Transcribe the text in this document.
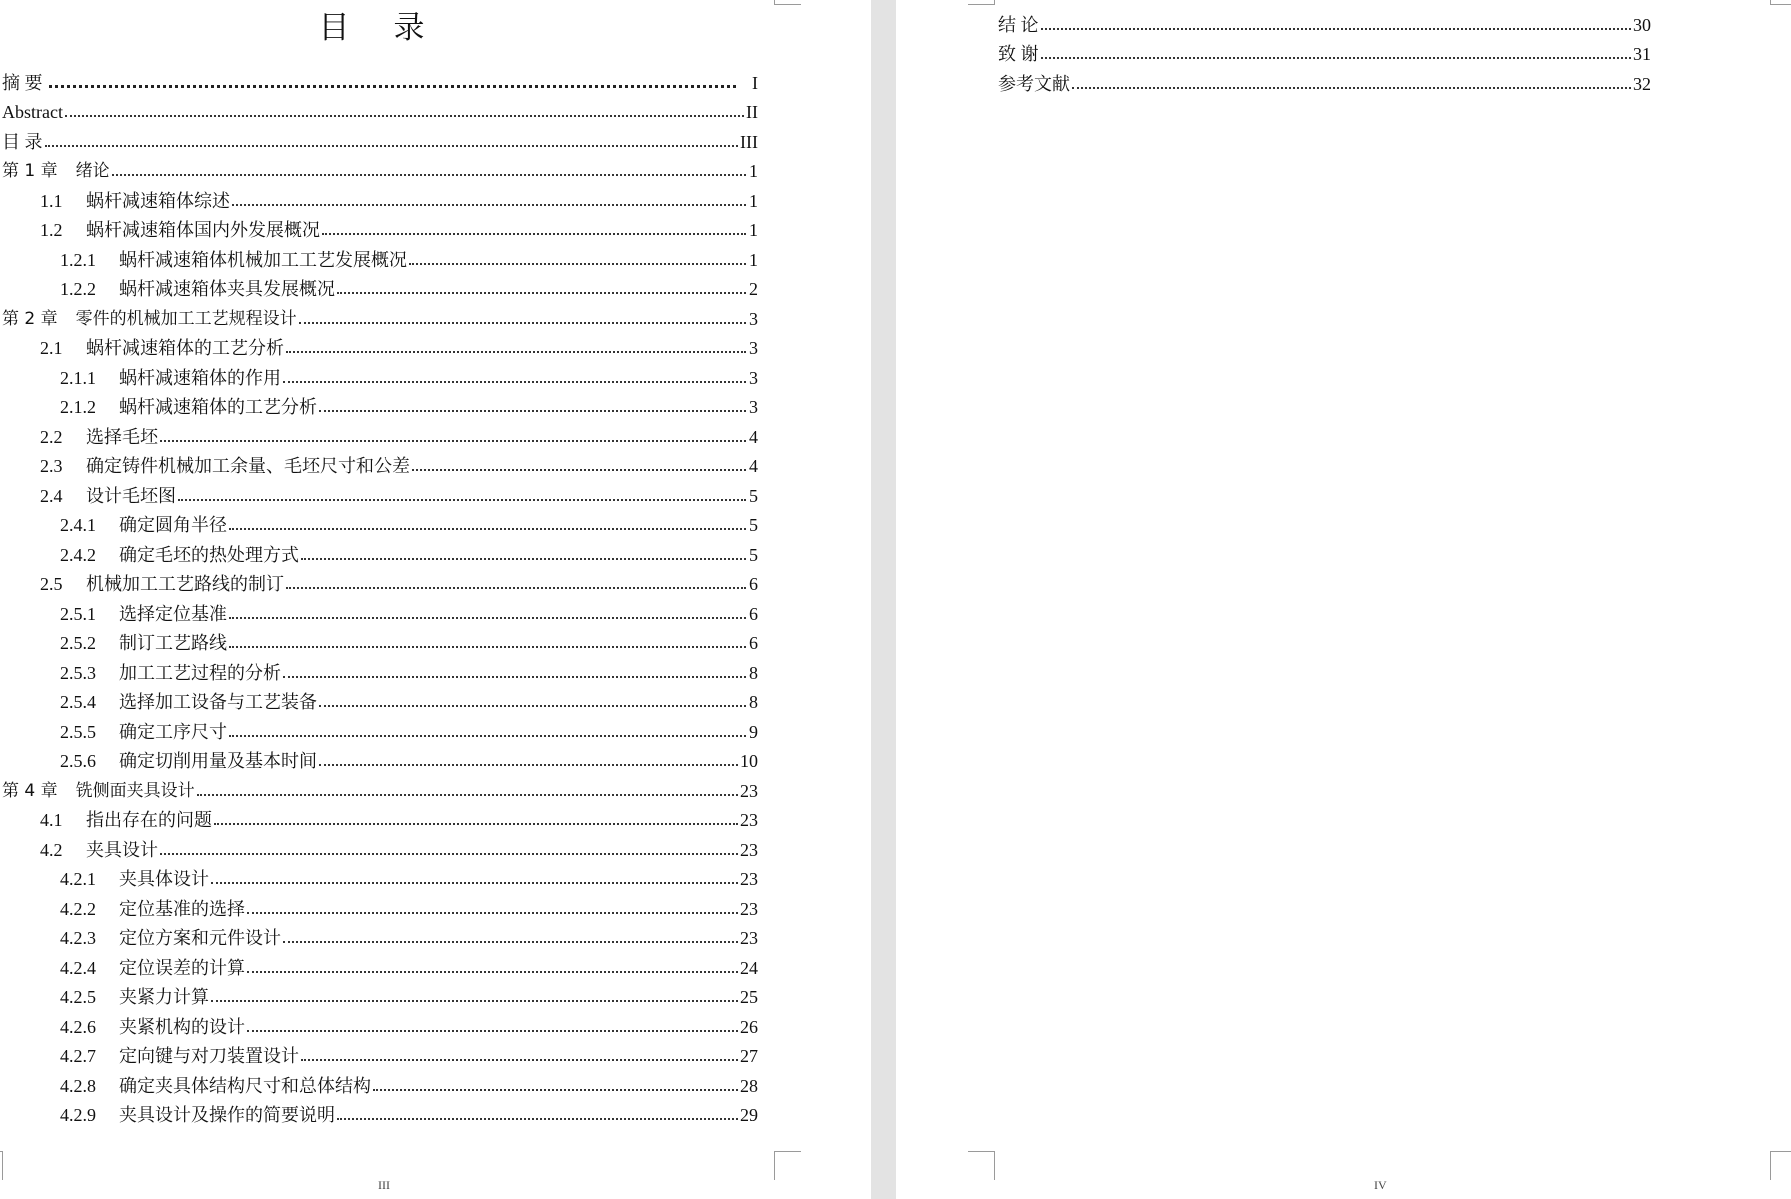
目 录
摘 要	I
Abstract	II
目 录	III
第 1 章 绪论	1
1.1	蜗杆减速箱体综述	1
1.2	蜗杆减速箱体国内外发展概况	1
1.2.1	蜗杆减速箱体机械加工工艺发展概况	1
1.2.2	蜗杆减速箱体夹具发展概况	2
第 2 章 零件的机械加工工艺规程设计	3
2.1	蜗杆减速箱体的工艺分析	3
2.1.1	蜗杆减速箱体的作用	3
2.1.2	蜗杆减速箱体的工艺分析	3
2.2	选择毛坯	4
2.3	确定铸件机械加工余量、毛坯尺寸和公差	4
2.4	设计毛坯图	5
2.4.1	确定圆角半径	5
2.4.2	确定毛坯的热处理方式	5
2.5	机械加工工艺路线的制订	6
2.5.1	选择定位基准	6
2.5.2	制订工艺路线	6
2.5.3	加工工艺过程的分析	8
2.5.4	选择加工设备与工艺装备	8
2.5.5	确定工序尺寸	9
2.5.6	确定切削用量及基本时间	10
第 4 章 铣侧面夹具设计	23
4.1	指出存在的问题	23
4.2	夹具设计	23
4.2.1	夹具体设计	23
4.2.2	定位基准的选择	23
4.2.3	定位方案和元件设计	23
4.2.4	定位误差的计算	24
4.2.5	夹紧力计算	25
4.2.6	夹紧机构的设计	26
4.2.7	定向键与对刀装置设计	27
4.2.8	确定夹具体结构尺寸和总体结构	28
4.2.9	夹具设计及操作的简要说明	29
III
结 论	30
致 谢	31
参考文献	32
IV
